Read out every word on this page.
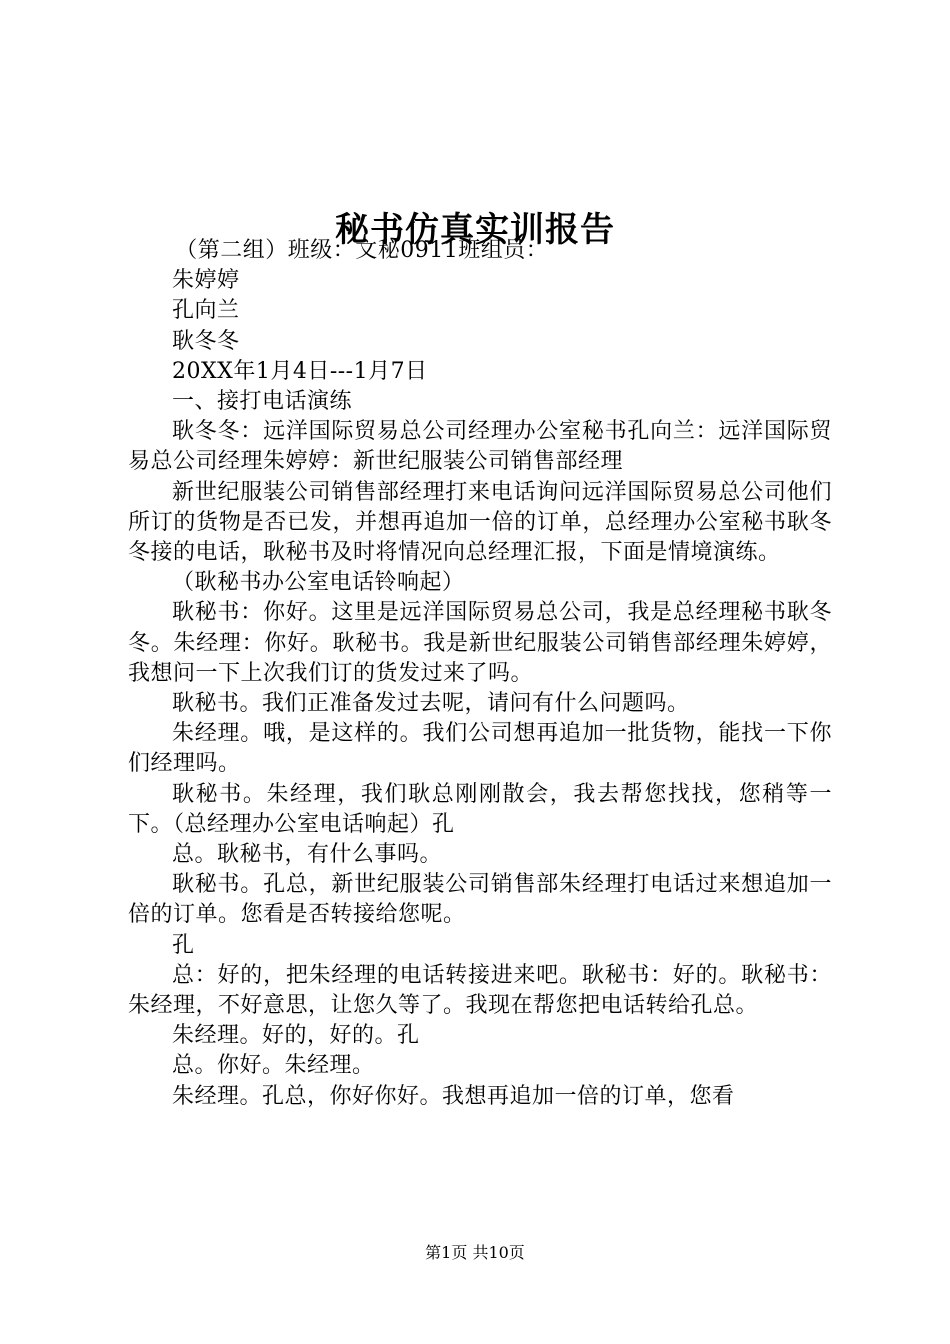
秘书仿真实训报告

（第二组）班级：文秘0911班组员：

朱婷婷

孔向兰

耿冬冬

20XX年1月4日---1月7日

一、接打电话演练

耿冬冬：远洋国际贸易总公司经理办公室秘书孔向兰：远洋国际贸易总公司经理朱婷婷：新世纪服装公司销售部经理

新世纪服装公司销售部经理打来电话询问远洋国际贸易总公司他们所订的货物是否已发，并想再追加一倍的订单，总经理办公室秘书耿冬冬接的电话，耿秘书及时将情况向总经理汇报，下面是情境演练。

（耿秘书办公室电话铃响起）

耿秘书：你好。这里是远洋国际贸易总公司，我是总经理秘书耿冬冬。朱经理：你好。耿秘书。我是新世纪服装公司销售部经理朱婷婷，我想问一下上次我们订的货发过来了吗。

耿秘书。我们正准备发过去呢，请问有什么问题吗。

朱经理。哦，是这样的。我们公司想再追加一批货物，能找一下你们经理吗。

耿秘书。朱经理，我们耿总刚刚散会，我去帮您找找，您稍等一下。（总经理办公室电话响起）孔

总。耿秘书，有什么事吗。

耿秘书。孔总，新世纪服装公司销售部朱经理打电话过来想追加一倍的订单。您看是否转接给您呢。

孔

总：好的，把朱经理的电话转接进来吧。耿秘书：好的。耿秘书：朱经理，不好意思，让您久等了。我现在帮您把电话转给孔总。

朱经理。好的，好的。孔

总。你好。朱经理。

朱经理。孔总，你好你好。我想再追加一倍的订单，您看

第1页 共10页
